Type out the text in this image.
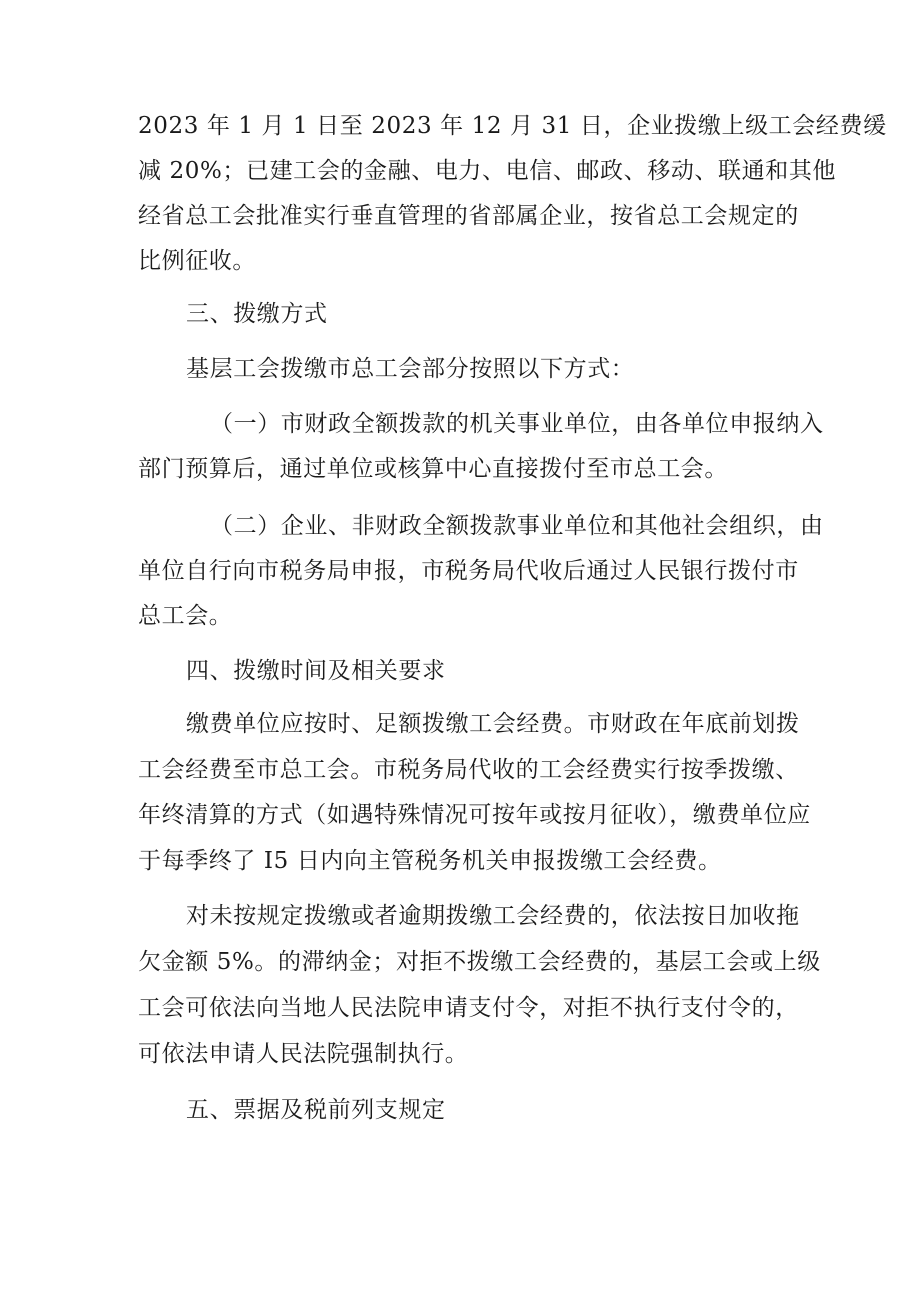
2023 年 1 月 1 日至 2023 年 12 月 31 日，企业拨缴上级工会经费缓
减 20%；已建工会的金融、电力、电信、邮政、移动、联通和其他
经省总工会批准实行垂直管理的省部属企业，按省总工会规定的
比例征收。
三、拨缴方式
基层工会拨缴市总工会部分按照以下方式：
（一）市财政全额拨款的机关事业单位，由各单位申报纳入
部门预算后，通过单位或核算中心直接拨付至市总工会。
（二）企业、非财政全额拨款事业单位和其他社会组织，由
单位自行向市税务局申报，市税务局代收后通过人民银行拨付市
总工会。
四、拨缴时间及相关要求
缴费单位应按时、足额拨缴工会经费。市财政在年底前划拨
工会经费至市总工会。市税务局代收的工会经费实行按季拨缴、
年终清算的方式（如遇特殊情况可按年或按月征收），缴费单位应
于每季终了 I5 日内向主管税务机关申报拨缴工会经费。
对未按规定拨缴或者逾期拨缴工会经费的，依法按日加收拖
欠金额 5%。的滞纳金；对拒不拨缴工会经费的，基层工会或上级
工会可依法向当地人民法院申请支付令，对拒不执行支付令的，
可依法申请人民法院强制执行。
五、票据及税前列支规定
